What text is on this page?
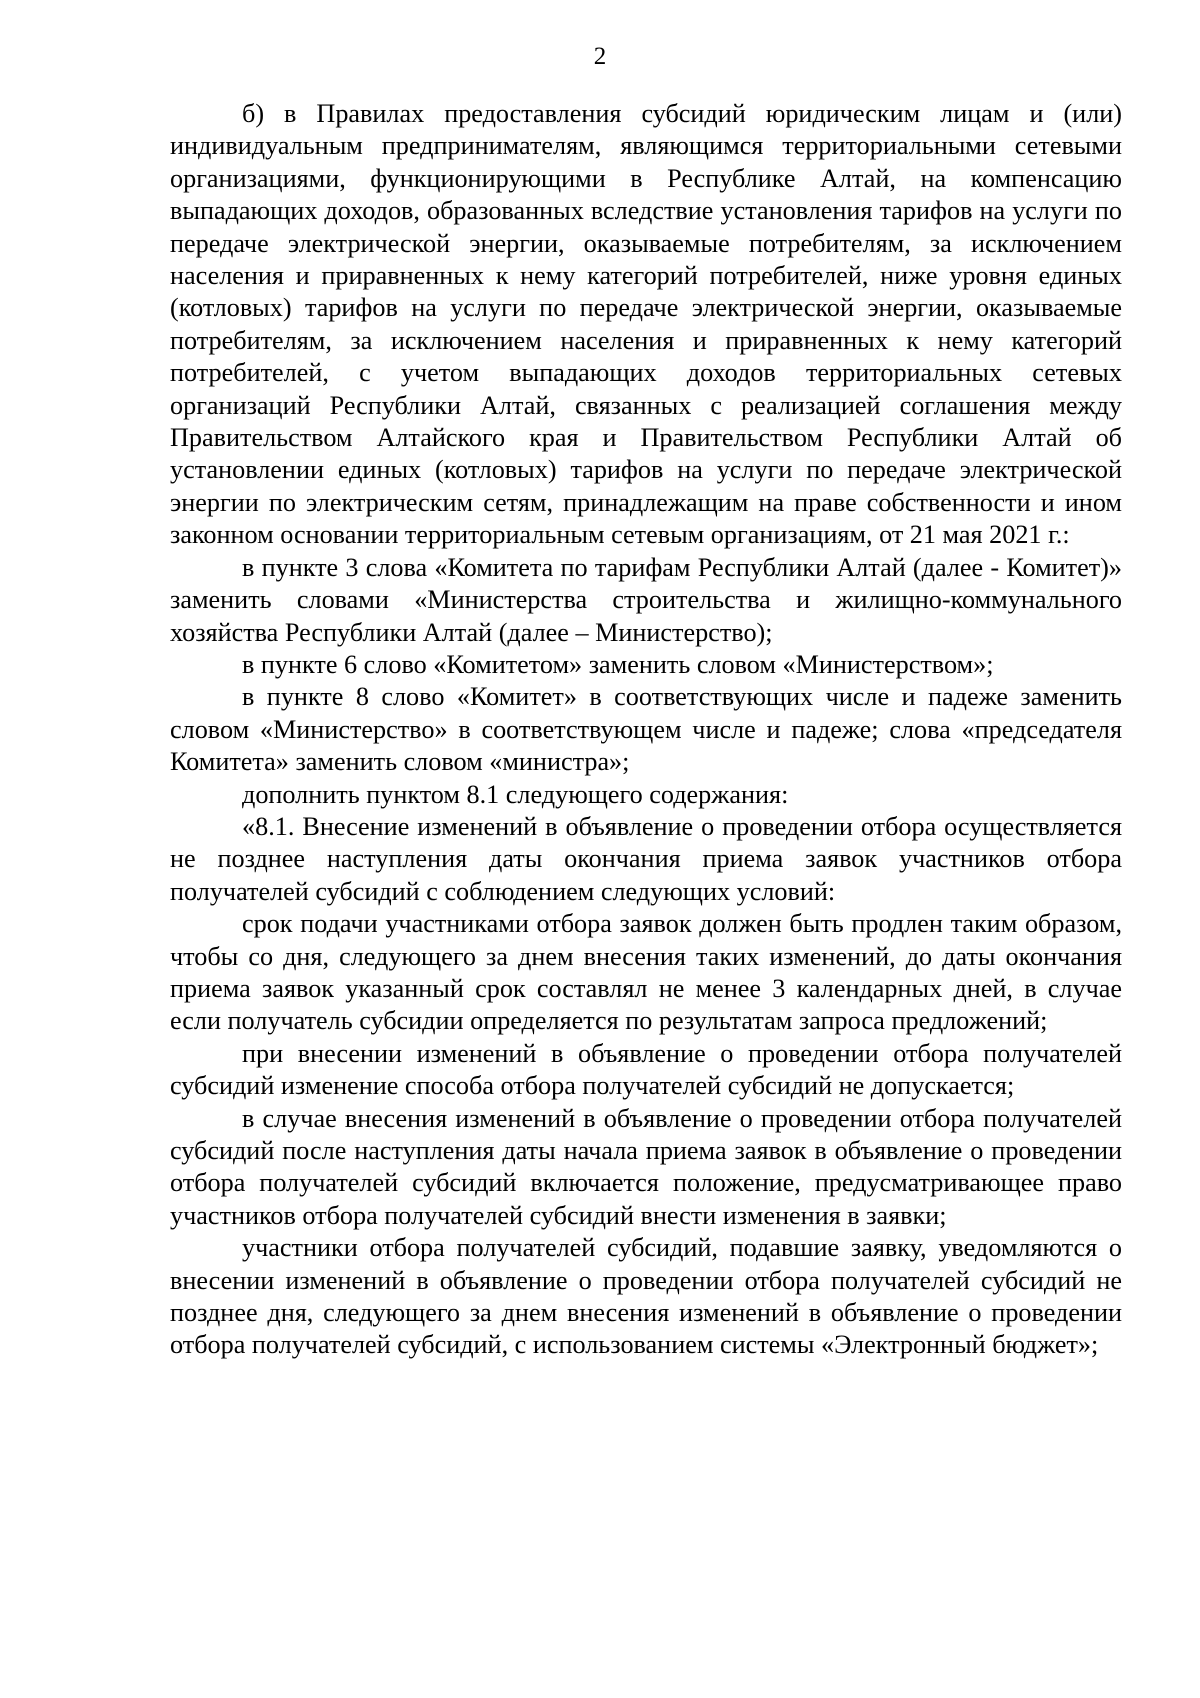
2

б) в Правилах предоставления субсидий юридическим лицам и (или) индивидуальным предпринимателям, являющимся территориальными сетевыми организациями, функционирующими в Республике Алтай, на компенсацию выпадающих доходов, образованных вследствие установления тарифов на услуги по передаче электрической энергии, оказываемые потребителям, за исключением населения и приравненных к нему категорий потребителей, ниже уровня единых (котловых) тарифов на услуги по передаче электрической энергии, оказываемые потребителям, за исключением населения и приравненных к нему категорий потребителей, с учетом выпадающих доходов территориальных сетевых организаций Республики Алтай, связанных с реализацией соглашения между Правительством Алтайского края и Правительством Республики Алтай об установлении единых (котловых) тарифов на услуги по передаче электрической энергии по электрическим сетям, принадлежащим на праве собственности и ином законном основании территориальным сетевым организациям, от 21 мая 2021 г.:

в пункте 3 слова «Комитета по тарифам Республики Алтай (далее - Комитет)» заменить словами «Министерства строительства и жилищно-коммунального хозяйства Республики Алтай (далее – Министерство);

в пункте 6 слово «Комитетом» заменить словом «Министерством»;

в пункте 8 слово «Комитет» в соответствующих числе и падеже заменить словом «Министерство» в соответствующем числе и падеже; слова «председателя Комитета» заменить словом «министра»;

дополнить пунктом 8.1 следующего содержания:

«8.1. Внесение изменений в объявление о проведении отбора осуществляется не позднее наступления даты окончания приема заявок участников отбора получателей субсидий с соблюдением следующих условий:

срок подачи участниками отбора заявок должен быть продлен таким образом, чтобы со дня, следующего за днем внесения таких изменений, до даты окончания приема заявок указанный срок составлял не менее 3 календарных дней, в случае если получатель субсидии определяется по результатам запроса предложений;

при внесении изменений в объявление о проведении отбора получателей субсидий изменение способа отбора получателей субсидий не допускается;

в случае внесения изменений в объявление о проведении отбора получателей субсидий после наступления даты начала приема заявок в объявление о проведении отбора получателей субсидий включается положение, предусматривающее право участников отбора получателей субсидий внести изменения в заявки;

участники отбора получателей субсидий, подавшие заявку, уведомляются о внесении изменений в объявление о проведении отбора получателей субсидий не позднее дня, следующего за днем внесения изменений в объявление о проведении отбора получателей субсидий, с использованием системы «Электронный бюджет»;
